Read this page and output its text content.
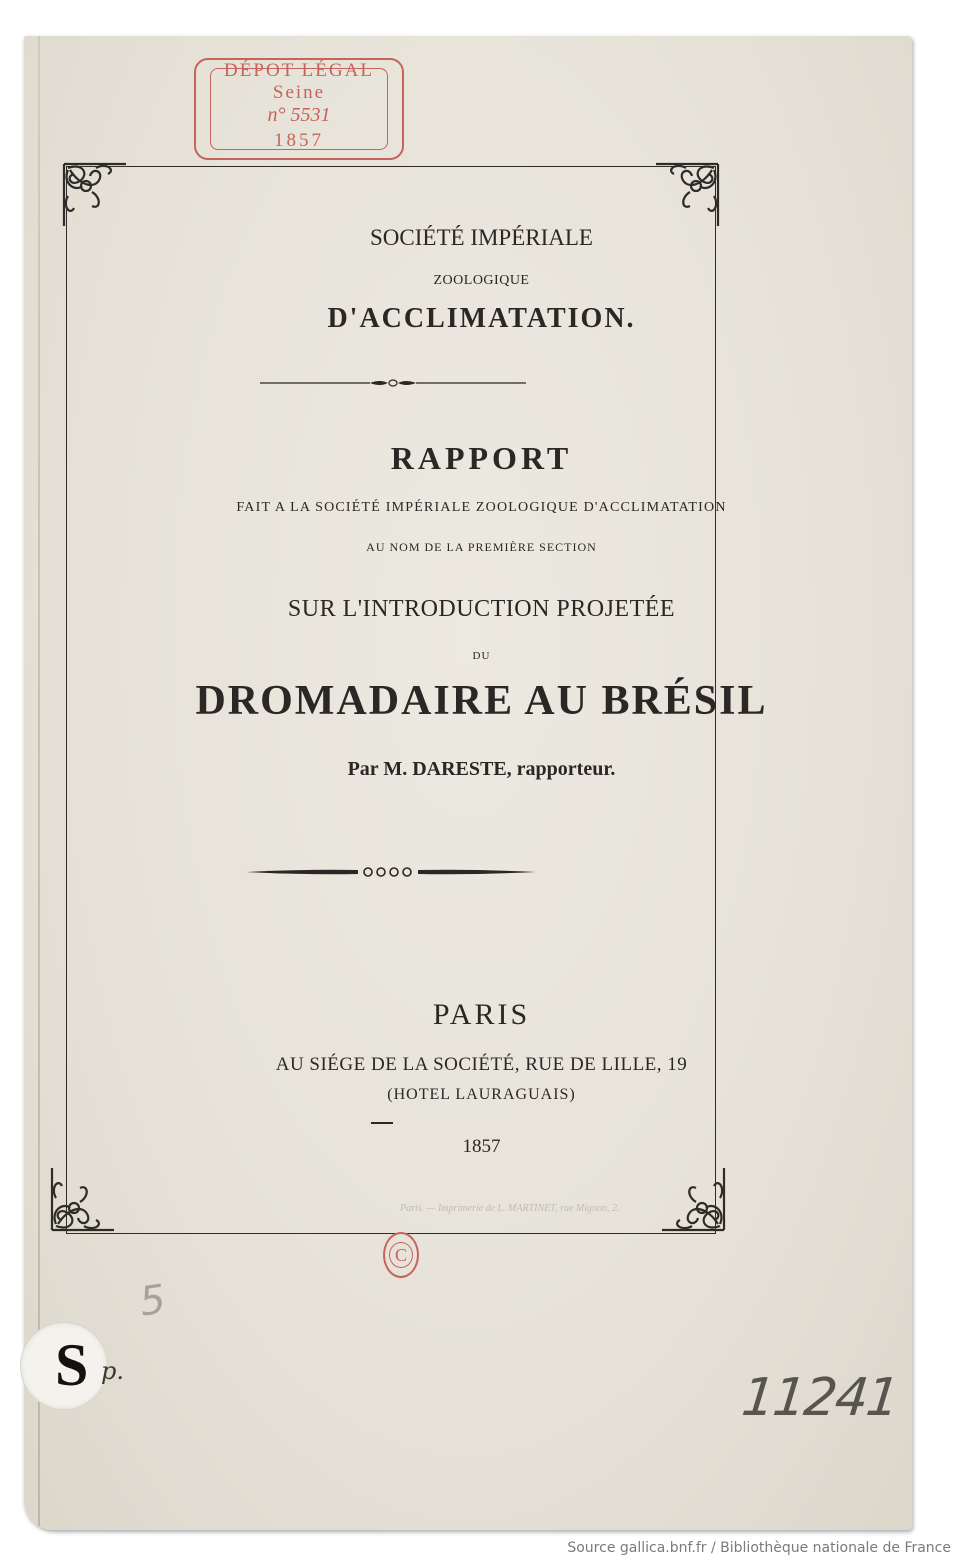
DÉPOT LÉGAL
Seine
n° 5531
1857
SOCIÉTÉ IMPÉRIALE
ZOOLOGIQUE
D'ACCLIMATATION.
RAPPORT
FAIT A LA SOCIÉTÉ IMPÉRIALE ZOOLOGIQUE D'ACCLIMATATION
AU NOM DE LA PREMIÈRE SECTION
SUR L'INTRODUCTION PROJETÉE
DU
DROMADAIRE AU BRÉSIL
Par M. DARESTE, rapporteur.
PARIS
AU SIÉGE DE LA SOCIÉTÉ, RUE DE LILLE, 19
(HOTEL LAURAGUAIS)
1857
Paris. — Imprimerie de L. MARTINET, rue Mignon, 2.
C
5
S p.	11241
Source gallica.bnf.fr / Bibliothèque nationale de France
